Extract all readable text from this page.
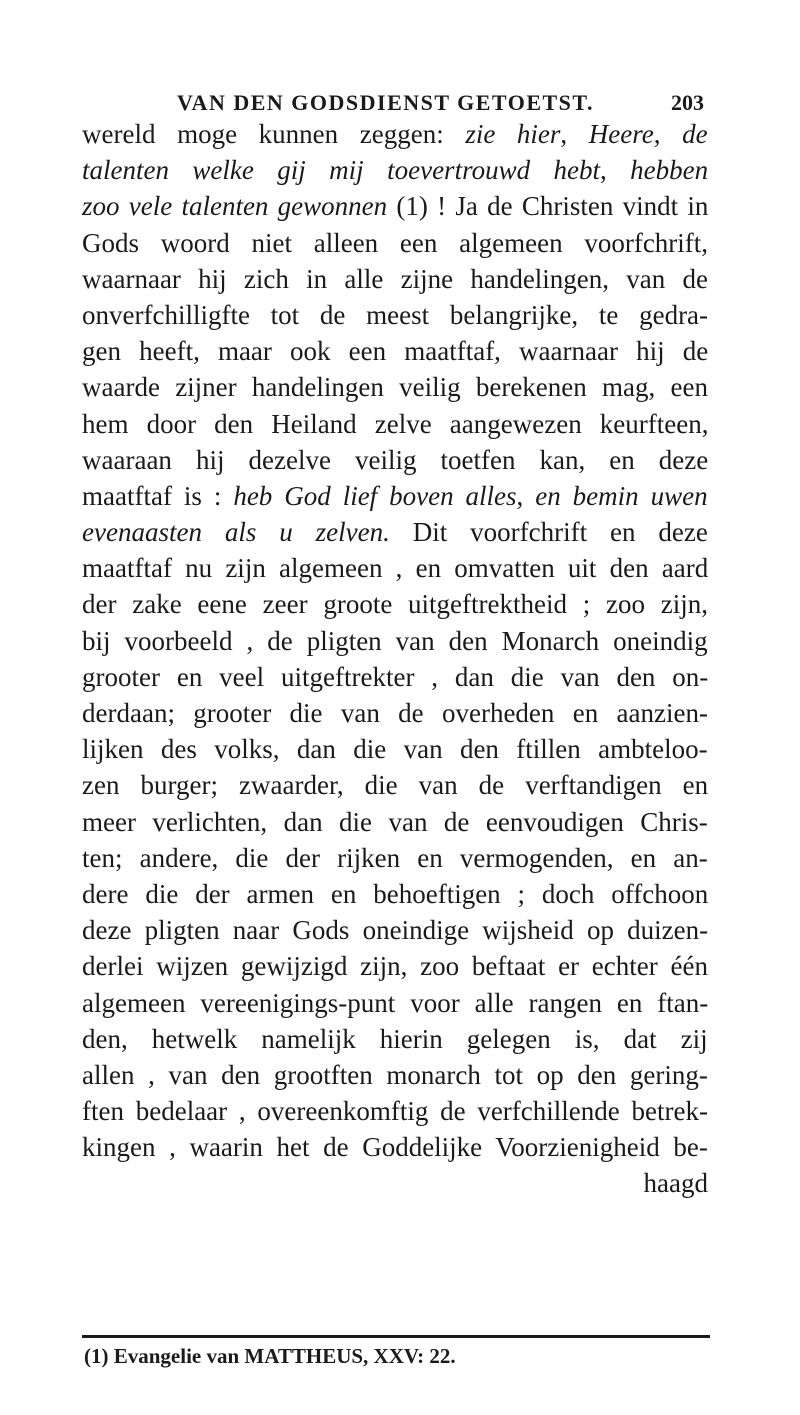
VAN DEN GODSDIENST GETOETST.	203
wereld moge kunnen zeggen: zie hier, Heere, de
talenten welke gij mij toevertrouwd hebt, hebben
zoo vele talenten gewonnen (1) ! Ja de Christen vindt in
Gods woord niet alleen een algemeen voorfchrift,
waarnaar hij zich in alle zijne handelingen, van de
onverfchilligfte tot de meest belangrijke, te gedra-
gen heeft, maar ook een maatftaf, waarnaar hij de
waarde zijner handelingen veilig berekenen mag, een
hem door den Heiland zelve aangewezen keurfteen,
waaraan hij dezelve veilig toetfen kan, en deze
maatftaf is : heb God lief boven alles, en bemin uwen
evenaasten als u zelven. Dit voorfchrift en deze
maatftaf nu zijn algemeen , en omvatten uit den aard
der zake eene zeer groote uitgeftrektheid ; zoo zijn,
bij voorbeeld , de pligten van den Monarch oneindig
grooter en veel uitgeftrekter , dan die van den on-
derdaan; grooter die van de overheden en aanzien-
lijken des volks, dan die van den ftillen ambteloo-
zen burger; zwaarder, die van de verftandigen en
meer verlichten, dan die van de eenvoudigen Chris-
ten; andere, die der rijken en vermogenden, en an-
dere die der armen en behoeftigen ; doch offchoon
deze pligten naar Gods oneindige wijsheid op duizen-
derlei wijzen gewijzigd zijn, zoo beftaat er echter één
algemeen vereenigings-punt voor alle rangen en ftan-
den, hetwelk namelijk hierin gelegen is, dat zij
allen , van den grootften monarch tot op den gering-
ften bedelaar , overeenkomftig de verfchillende betrek-
kingen , waarin het de Goddelijke Voorzienigheid be-
haagd
(1) Evangelie van MATTHEUS, XXV: 22.
